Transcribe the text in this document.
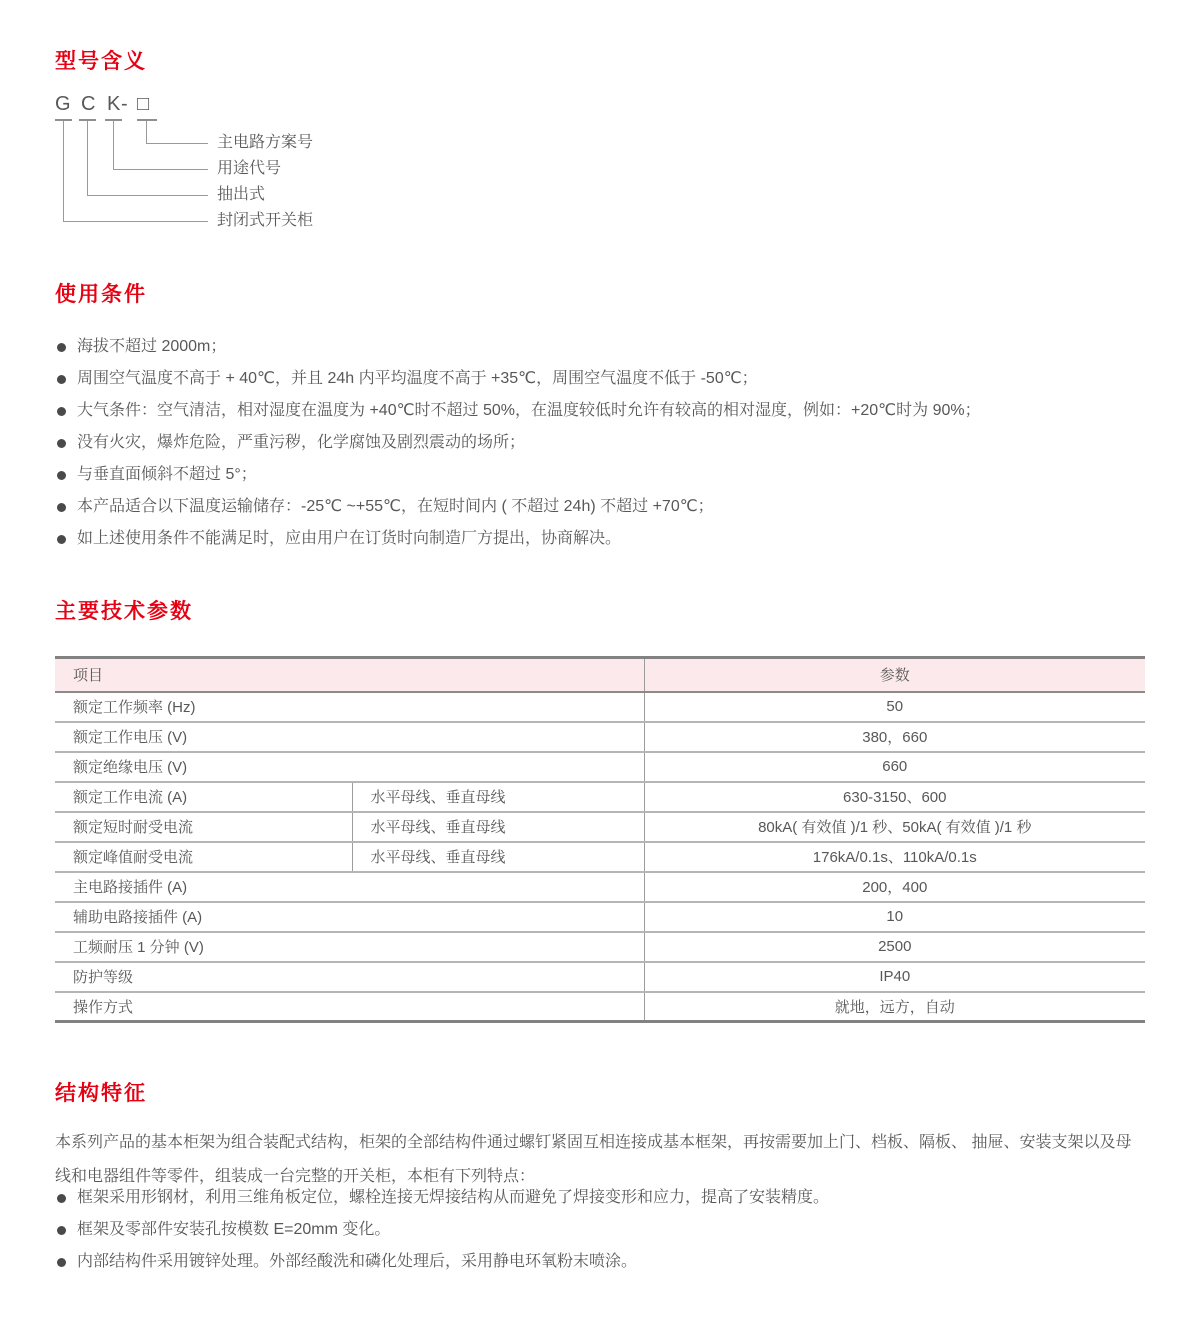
型号含义
G C K - □
主电路方案号
用途代号
抽出式
封闭式开关柜
使用条件
海拔不超过 2000m；
周围空气温度不高于 + 40℃，并且 24h 内平均温度不高于 +35℃，周围空气温度不低于 -50℃；
大气条件：空气清洁，相对湿度在温度为 +40℃时不超过 50%，在温度较低时允许有较高的相对湿度，例如：+20℃时为 90%；
没有火灾，爆炸危险，严重污秽，化学腐蚀及剧烈震动的场所；
与垂直面倾斜不超过 5°；
本产品适合以下温度运输储存：-25℃ ~+55℃，在短时间内 ( 不超过 24h) 不超过 +70℃；
如上述使用条件不能满足时，应由用户在订货时向制造厂方提出，协商解决。
主要技术参数
项目		参数
额定工作频率 (Hz)		50
额定工作电压 (V)		380，660
额定绝缘电压 (V)		660
额定工作电流 (A)	水平母线、垂直母线	630-3150、600
额定短时耐受电流	水平母线、垂直母线	80kA( 有效值 )/1 秒、50kA( 有效值 )/1 秒
额定峰值耐受电流	水平母线、垂直母线	176kA/0.1s、110kA/0.1s
主电路接插件 (A)		200，400
辅助电路接插件 (A)		10
工频耐压 1 分钟 (V)		2500
防护等级		IP40
操作方式		就地，远方，自动
结构特征
本系列产品的基本柜架为组合装配式结构，柜架的全部结构件通过螺钉紧固互相连接成基本框架，再按需要加上门、档板、隔板、 抽屉、安装支架以及母线和电器组件等零件，组装成一台完整的开关柜，本柜有下列特点：
框架采用形钢材，利用三维角板定位，螺栓连接无焊接结构从而避免了焊接变形和应力，提高了安装精度。
框架及零部件安装孔按模数 E=20mm 变化。
内部结构件采用镀锌处理。外部经酸洗和磷化处理后，采用静电环氧粉末喷涂。
